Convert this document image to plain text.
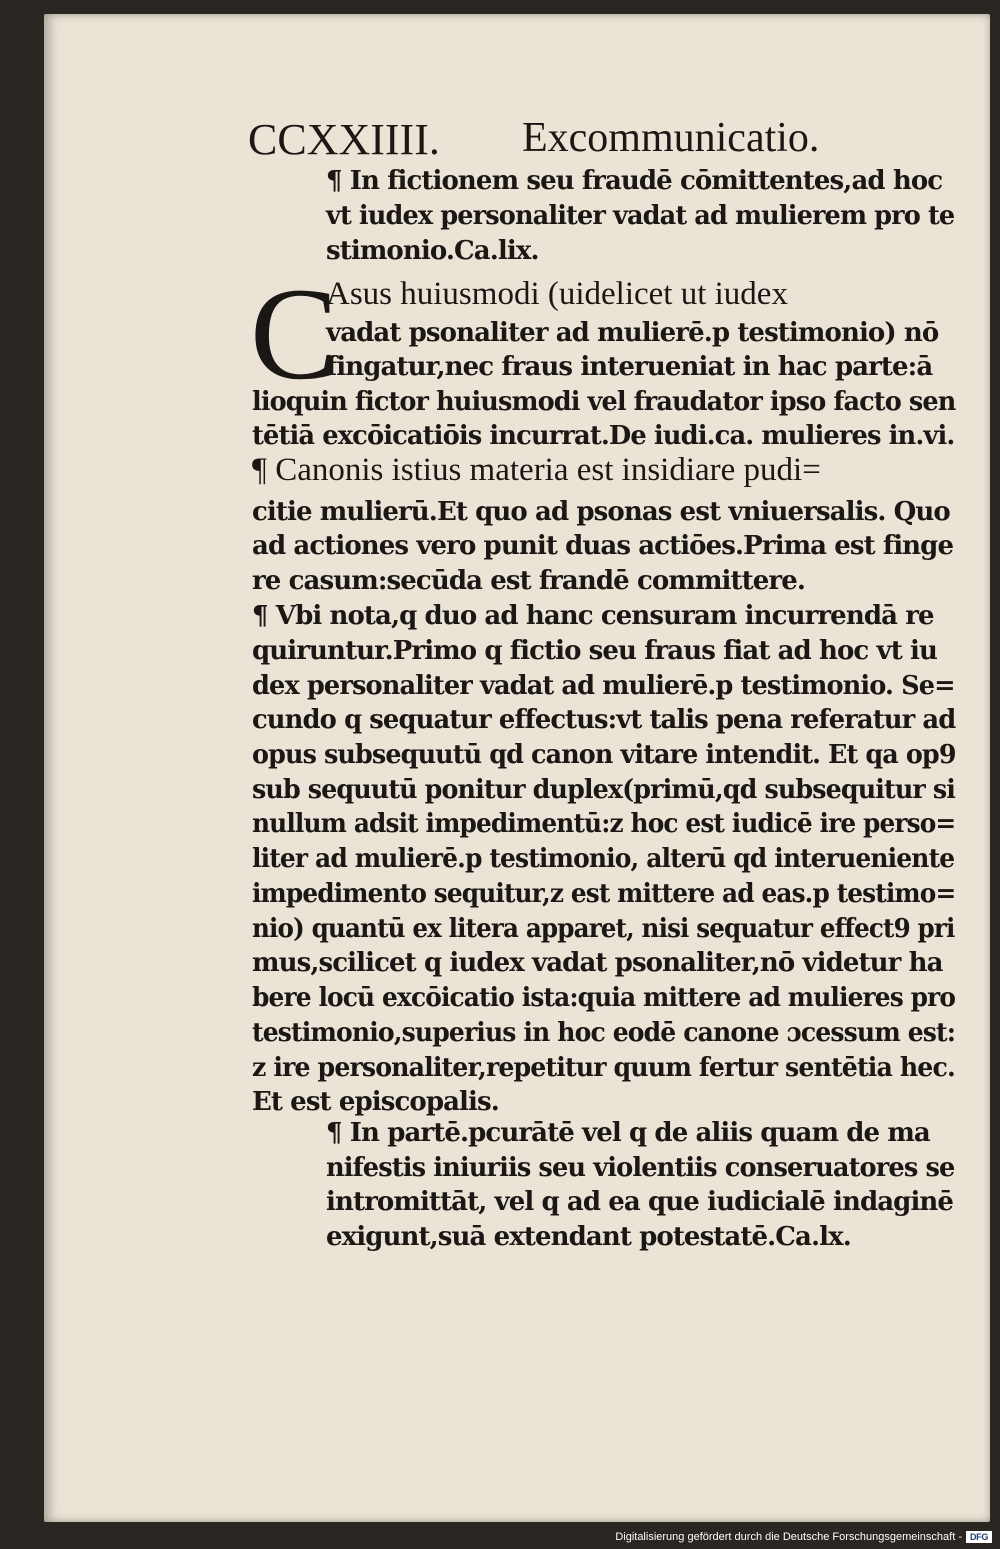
CCXXIIII. Excommunicatio.
¶ In fictionem seu fraudē cōmittentes,ad hoc
vt iudex personaliter vadat ad mulierem pro te
stimonio.Ca.lix.
C
Asus huiusmodi (uidelicet ut iudex
vadat psonaliter ad mulierē.p testimonio) nō
fingatur,nec fraus interueniat in hac parte:ā
lioquin fictor huiusmodi vel fraudator ipso facto sen
tētiā excōicatiōis incurrat.De iudi.ca. mulieres in.vi.
¶ Canonis istius materia est insidiare pudi=
citie mulierū.Et quo ad psonas est vniuersalis. Quo
ad actiones vero punit duas actiōes.Prima est finge
re casum:secūda est frandē committere.
¶ Vbi nota,q duo ad hanc censuram incurrendā re
quiruntur.Primo q fictio seu fraus fiat ad hoc vt iu
dex personaliter vadat ad mulierē.p testimonio. Se=
cundo q sequatur effectus:vt talis pena referatur ad
opus subsequutū qd canon vitare intendit. Et qa op9
sub sequutū ponitur duplex(primū,qd subsequitur si
nullum adsit impedimentū:z hoc est iudicē ire perso=
liter ad mulierē.p testimonio, alterū qd interueniente
impedimento sequitur,z est mittere ad eas.p testimo=
nio) quantū ex litera apparet, nisi sequatur effect9 pri
mus,scilicet q iudex vadat psonaliter,nō videtur ha
bere locū excōicatio ista:quia mittere ad mulieres pro
testimonio,superius in hoc eodē canone ɔcessum est:
z ire personaliter,repetitur quum fertur sentētia hec.
Et est episcopalis.
¶ In partē.pcurātē vel q de aliis quam de ma
nifestis iniuriis seu violentiis conseruatores se
intromittāt, vel q ad ea que iudicialē indaginē
exigunt,suā extendant potestatē.Ca.lx.
Digitalisierung gefördert durch die Deutsche Forschungsgemeinschaft - DFG
